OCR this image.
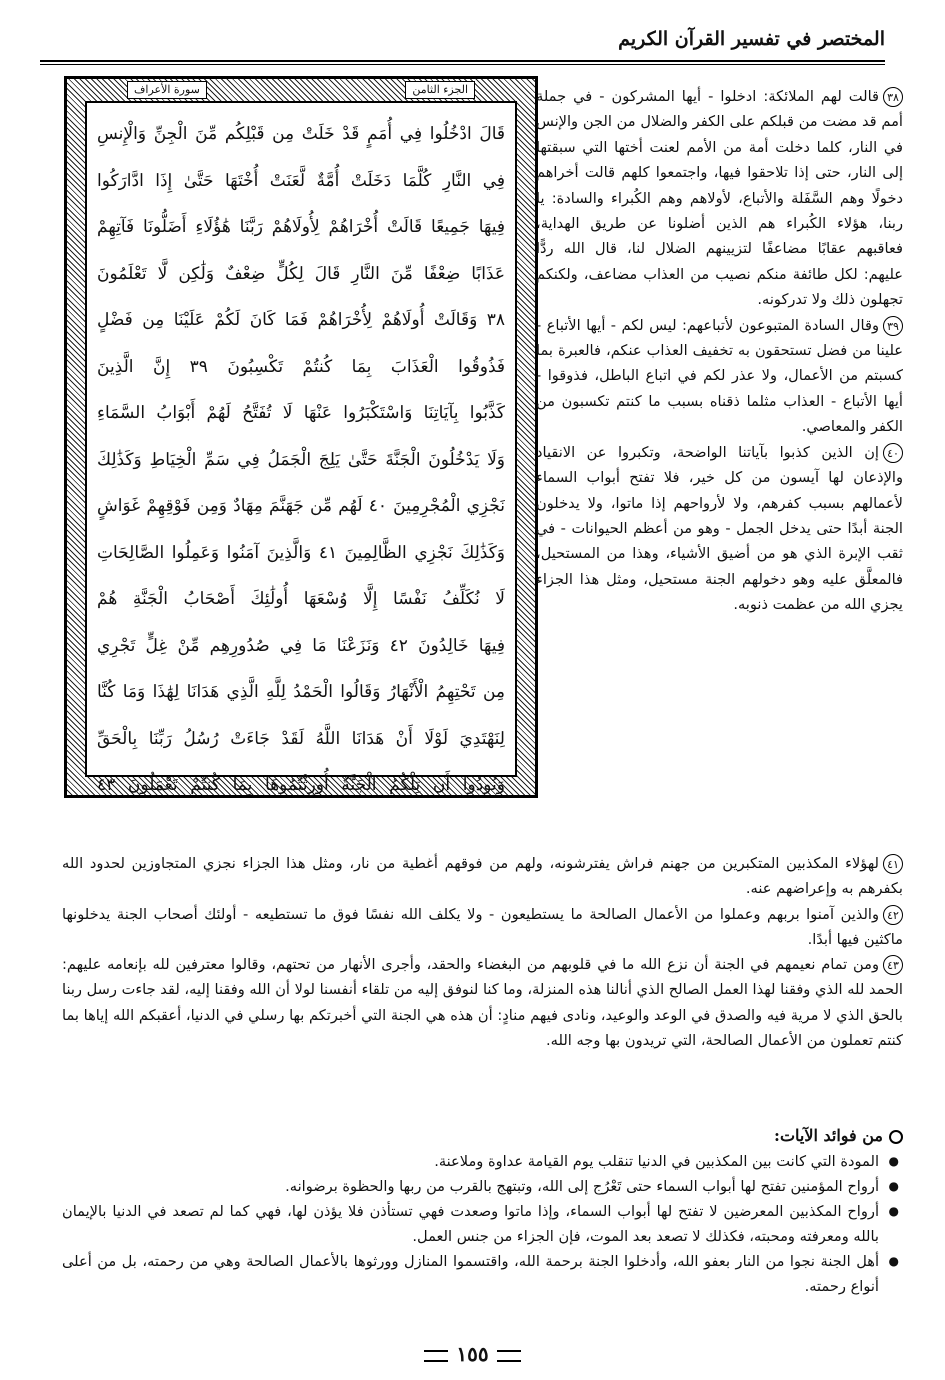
المختصر في تفسير القرآن الكريم
الجزء الثامن
سورة الأعراف
قَالَ ادْخُلُوا فِي أُمَمٍ قَدْ خَلَتْ مِن قَبْلِكُم مِّنَ الْجِنِّ وَالْإِنسِ
فِي النَّارِ كُلَّمَا دَخَلَتْ أُمَّةٌ لَّعَنَتْ أُخْتَهَا حَتَّىٰ إِذَا ادَّارَكُوا
فِيهَا جَمِيعًا قَالَتْ أُخْرَاهُمْ لِأُولَاهُمْ رَبَّنَا هَٰؤُلَاءِ أَضَلُّونَا فَآتِهِمْ
عَذَابًا ضِعْفًا مِّنَ النَّارِ قَالَ لِكُلٍّ ضِعْفٌ وَلَٰكِن لَّا تَعْلَمُونَ
٣٨ وَقَالَتْ أُولَاهُمْ لِأُخْرَاهُمْ فَمَا كَانَ لَكُمْ عَلَيْنَا مِن فَضْلٍ
فَذُوقُوا الْعَذَابَ بِمَا كُنتُمْ تَكْسِبُونَ ٣٩ إِنَّ الَّذِينَ
كَذَّبُوا بِآيَاتِنَا وَاسْتَكْبَرُوا عَنْهَا لَا تُفَتَّحُ لَهُمْ أَبْوَابُ السَّمَاءِ
وَلَا يَدْخُلُونَ الْجَنَّةَ حَتَّىٰ يَلِجَ الْجَمَلُ فِي سَمِّ الْخِيَاطِ وَكَذَٰلِكَ
نَجْزِي الْمُجْرِمِينَ ٤٠ لَهُم مِّن جَهَنَّمَ مِهَادٌ وَمِن فَوْقِهِمْ غَوَاشٍ
وَكَذَٰلِكَ نَجْزِي الظَّالِمِينَ ٤١ وَالَّذِينَ آمَنُوا وَعَمِلُوا الصَّالِحَاتِ
لَا نُكَلِّفُ نَفْسًا إِلَّا وُسْعَهَا أُولَٰئِكَ أَصْحَابُ الْجَنَّةِ هُمْ
فِيهَا خَالِدُونَ ٤٢ وَنَزَعْنَا مَا فِي صُدُورِهِم مِّنْ غِلٍّ تَجْرِي
مِن تَحْتِهِمُ الْأَنْهَارُ وَقَالُوا الْحَمْدُ لِلَّهِ الَّذِي هَدَانَا لِهَٰذَا وَمَا كُنَّا
لِنَهْتَدِيَ لَوْلَا أَنْ هَدَانَا اللَّهُ لَقَدْ جَاءَتْ رُسُلُ رَبِّنَا بِالْحَقِّ
وَنُودُوا أَن تِلْكُمُ الْجَنَّةُ أُورِثْتُمُوهَا بِمَا كُنتُمْ تَعْمَلُونَ ٤٣

٣٨قالت لهم الملائكة: ادخلوا - أيها المشركون - في جملة أمم قد مضت من قبلكم على الكفر والضلال من الجن والإنس في النار، كلما دخلت أمة من الأمم لعنت أختها التي سبقتها إلى النار، حتى إذا تلاحقوا فيها، واجتمعوا كلهم قالت أخراهم دخولًا وهم السَّفَلة والأتباع، لأولاهم وهم الكُبراء والسادة: يا ربنا، هؤلاء الكُبراء هم الذين أضلونا عن طريق الهداية، فعاقبهم عقابًا مضاعفًا لتزيينهم الضلال لنا، قال الله ردًّا عليهم: لكل طائفة منكم نصيب من العذاب مضاعف، ولكنكم تجهلون ذلك ولا تدركونه.

٣٩وقال السادة المتبوعون لأتباعهم: ليس لكم - أيها الأتباع - علينا من فضل تستحقون به تخفيف العذاب عنكم، فالعبرة بما كسبتم من الأعمال، ولا عذر لكم في اتباع الباطل، فذوقوا - أيها الأتباع - العذاب مثلما ذقناه بسبب ما كنتم تكسبون من الكفر والمعاصي.

٤٠إن الذين كذبوا بآياتنا الواضحة، وتكبروا عن الانقياد والإذعان لها آيسون من كل خير، فلا تفتح أبواب السماء لأعمالهم بسبب كفرهم، ولا لأرواحهم إذا ماتوا، ولا يدخلون الجنة أبدًا حتى يدخل الجمل - وهو من أعظم الحيوانات - في ثقب الإبرة الذي هو من أضيق الأشياء، وهذا من المستحيل، فالمعلَّق عليه وهو دخولهم الجنة مستحيل، ومثل هذا الجزاء يجزي الله من عظمت ذنوبه.

٤١لهؤلاء المكذبين المتكبرين من جهنم فراش يفترشونه، ولهم من فوقهم أغطية من نار، ومثل هذا الجزاء نجزي المتجاوزين لحدود الله بكفرهم به وإعراضهم عنه.

٤٢والذين آمنوا بربهم وعملوا من الأعمال الصالحة ما يستطيعون - ولا يكلف الله نفسًا فوق ما تستطيعه - أولئك أصحاب الجنة يدخلونها ماكثين فيها أبدًا.

٤٣ومن تمام نعيمهم في الجنة أن نزع الله ما في قلوبهم من البغضاء والحقد، وأجرى الأنهار من تحتهم، وقالوا معترفين لله بإنعامه عليهم: الحمد لله الذي وفقنا لهذا العمل الصالح الذي أنالنا هذه المنزلة، وما كنا لنوفق إليه من تلقاء أنفسنا لولا أن الله وفقنا إليه، لقد جاءت رسل ربنا بالحق الذي لا مرية فيه والصدق في الوعد والوعيد، ونادى فيهم منادٍ: أن هذه هي الجنة التي أخبرتكم بها رسلي في الدنيا، أعقبكم الله إياها بما كنتم تعملون من الأعمال الصالحة، التي تريدون بها وجه الله.

من فوائد الآيات:
● المودة التي كانت بين المكذبين في الدنيا تنقلب يوم القيامة عداوة وملاعنة.
● أرواح المؤمنين تفتح لها أبواب السماء حتى تَعْرُج إلى الله، وتبتهج بالقرب من ربها والحظوة برضوانه.
● أرواح المكذبين المعرضين لا تفتح لها أبواب السماء، وإذا ماتوا وصعدت فهي تستأذن فلا يؤذن لها، فهي كما لم تصعد في الدنيا بالإيمان بالله ومعرفته ومحبته، فكذلك لا تصعد بعد الموت، فإن الجزاء من جنس العمل.
● أهل الجنة نجوا من النار بعفو الله، وأدخلوا الجنة برحمة الله، واقتسموا المنازل وورثوها بالأعمال الصالحة وهي من رحمته، بل من أعلى أنواع رحمته.
١٥٥
